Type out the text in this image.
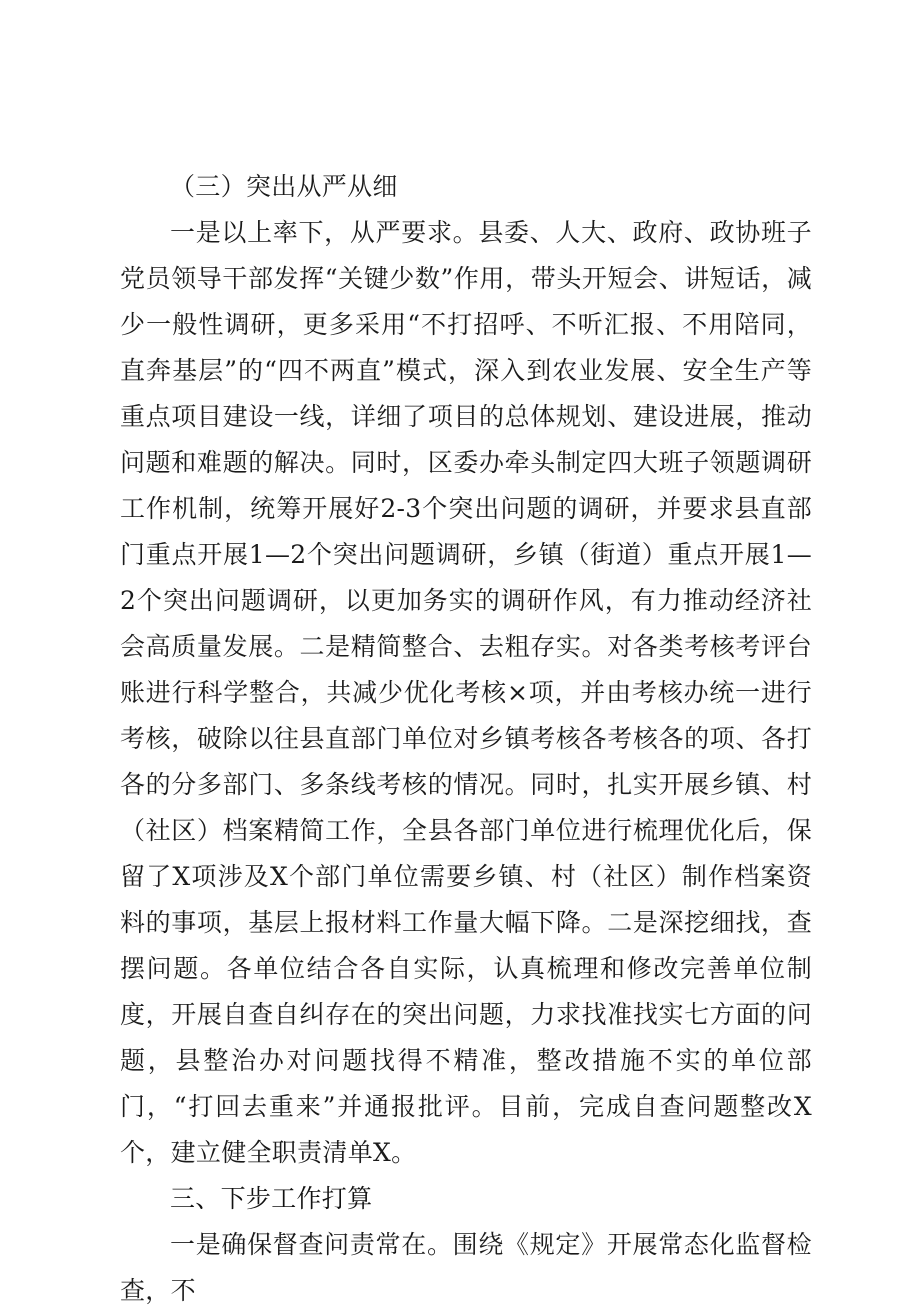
（三）突出从严从细

一是以上率下，从严要求。县委、人大、政府、政协班子党员领导干部发挥“关键少数”作用，带头开短会、讲短话，减少一般性调研，更多采用“不打招呼、不听汇报、不用陪同，直奔基层”的“四不两直”模式，深入到农业发展、安全生产等重点项目建设一线，详细了项目的总体规划、建设进展，推动问题和难题的解决。同时，区委办牵头制定四大班子领题调研工作机制，统筹开展好2-3个突出问题的调研，并要求县直部门重点开展1—2个突出问题调研，乡镇（街道）重点开展1—2个突出问题调研，以更加务实的调研作风，有力推动经济社会高质量发展。二是精简整合、去粗存实。对各类考核考评台账进行科学整合，共减少优化考核×项，并由考核办统一进行考核，破除以往县直部门单位对乡镇考核各考核各的项、各打各的分多部门、多条线考核的情况。同时，扎实开展乡镇、村（社区）档案精简工作，全县各部门单位进行梳理优化后，保留了X项涉及X个部门单位需要乡镇、村（社区）制作档案资料的事项，基层上报材料工作量大幅下降。二是深挖细找，查摆问题。各单位结合各自实际，认真梳理和修改完善单位制度，开展自查自纠存在的突出问题，力求找准找实七方面的问题，县整治办对问题找得不精准，整改措施不实的单位部门，“打回去重来”并通报批评。目前，完成自查问题整改X个，建立健全职责清单X。

三、下步工作打算

一是确保督查问责常在。围绕《规定》开展常态化监督检查，不
